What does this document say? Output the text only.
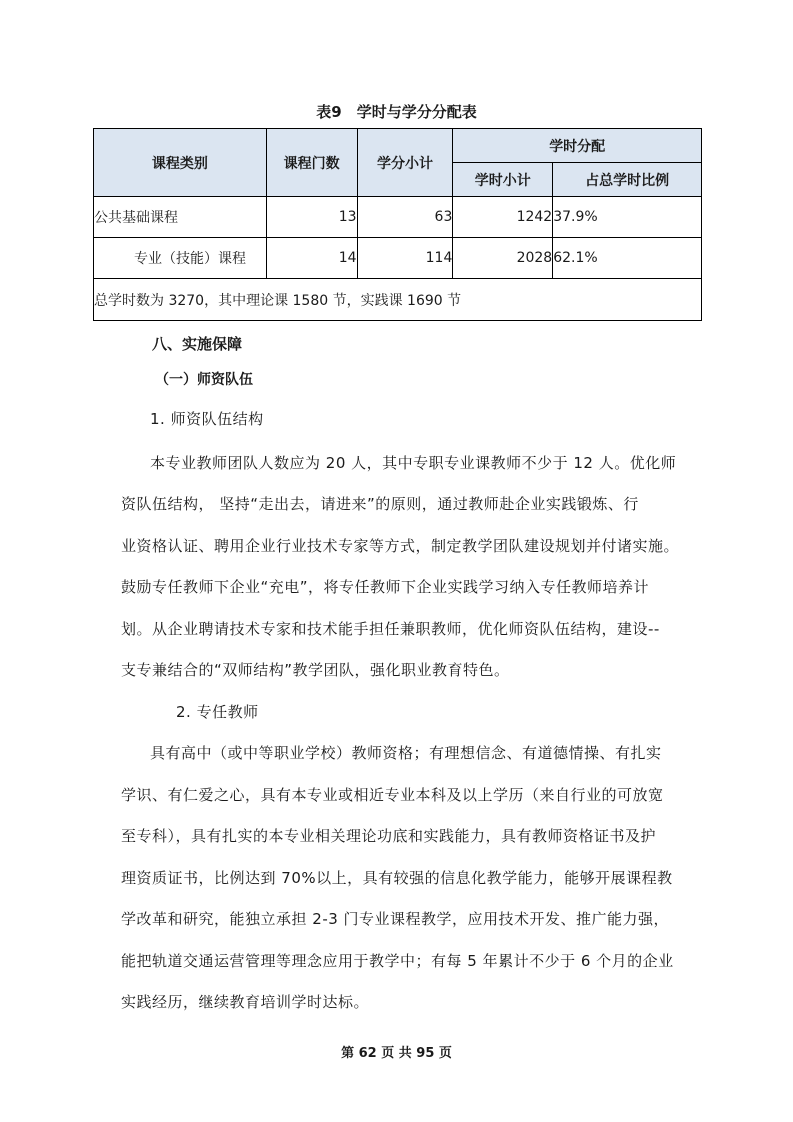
表9　学时与学分分配表
课程类别	课程门数	学分小计	学时分配	
			学时小计	占总学时比例
公共基础课程	13	63	1242	37.9%
专业（技能）课程	14	114	2028	62.1%
总学时数为 3270，其中理论课 1580 节，实践课 1690 节				
八、实施保障
（一）师资队伍
1. 师资队伍结构
本专业教师团队人数应为 20 人，其中专职专业课教师不少于 12 人。优化师
资队伍结构， 坚持“走出去，请进来”的原则，通过教师赴企业实践锻炼、行
业资格认证、聘用企业行业技术专家等方式，制定教学团队建设规划并付诸实施。
鼓励专任教师下企业“充电”，将专任教师下企业实践学习纳入专任教师培养计
划。从企业聘请技术专家和技术能手担任兼职教师，优化师资队伍结构，建设--
支专兼结合的“双师结构”教学团队，强化职业教育特色。
2. 专任教师
具有高中（或中等职业学校）教师资格；有理想信念、有道德情操、有扎实
学识、有仁爱之心，具有本专业或相近专业本科及以上学历（来自行业的可放宽
至专科），具有扎实的本专业相关理论功底和实践能力，具有教师资格证书及护
理资质证书，比例达到 70%以上，具有较强的信息化教学能力，能够开展课程教
学改革和研究，能独立承担 2-3 门专业课程教学，应用技术开发、推广能力强，
能把轨道交通运营管理等理念应用于教学中；有每 5 年累计不少于 6 个月的企业
实践经历，继续教育培训学时达标。
第 62 页 共 95 页
